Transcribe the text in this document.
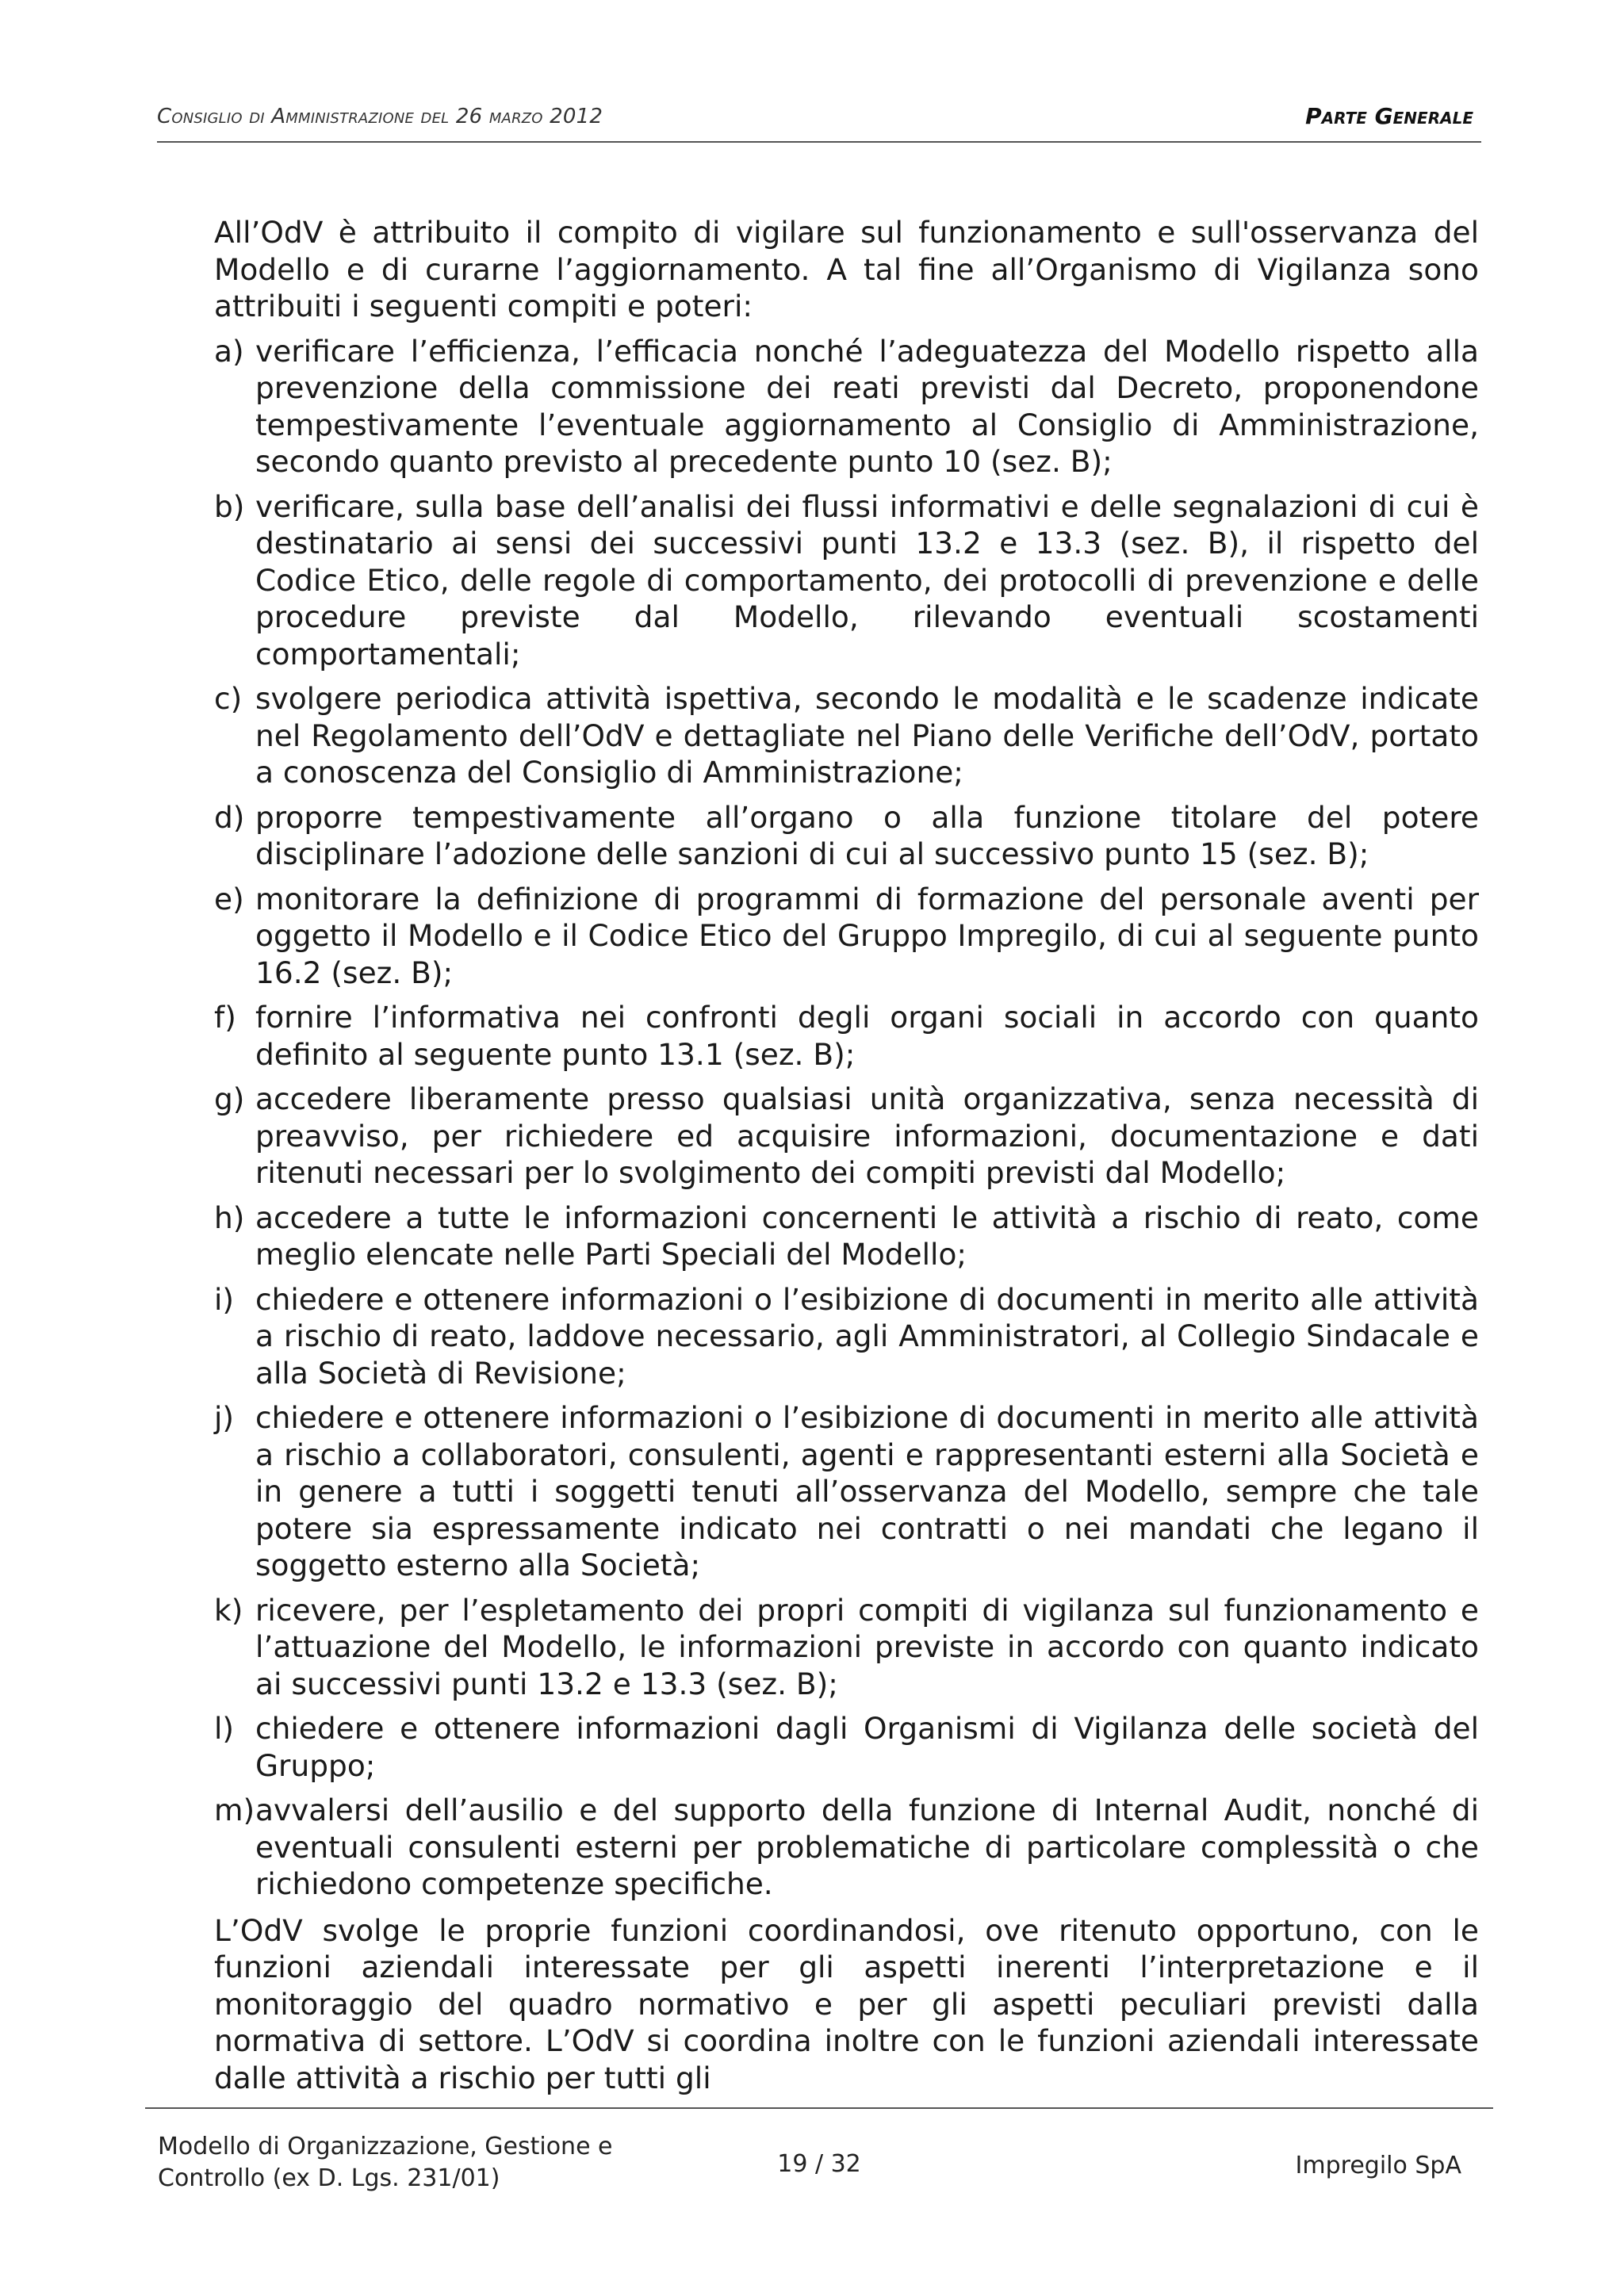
Consiglio di Amministrazione del 26 marzo 2012	Parte Generale

All’OdV è attribuito il compito di vigilare sul funzionamento e sull'osservanza del Modello e di curarne l’aggiornamento. A tal fine all’Organismo di Vigilanza sono attribuiti i seguenti compiti e poteri:

a) verificare l’efficienza, l’efficacia nonché l’adeguatezza del Modello rispetto alla prevenzione della commissione dei reati previsti dal Decreto, proponendone tempestivamente l’eventuale aggiornamento al Consiglio di Amministrazione, secondo quanto previsto al precedente punto 10 (sez. B);
b) verificare, sulla base dell’analisi dei flussi informativi e delle segnalazioni di cui è destinatario ai sensi dei successivi punti 13.2 e 13.3 (sez. B), il rispetto del Codice Etico, delle regole di comportamento, dei protocolli di prevenzione e delle procedure previste dal Modello, rilevando eventuali scostamenti comportamentali;
c) svolgere periodica attività ispettiva, secondo le modalità e le scadenze indicate nel Regolamento dell’OdV e dettagliate nel Piano delle Verifiche dell’OdV, portato a conoscenza del Consiglio di Amministrazione;
d) proporre tempestivamente all’organo o alla funzione titolare del potere disciplinare l’adozione delle sanzioni di cui al successivo punto 15 (sez. B);
e) monitorare la definizione di programmi di formazione del personale aventi per oggetto il Modello e il Codice Etico del Gruppo Impregilo, di cui al seguente punto 16.2 (sez. B);
f) fornire l’informativa nei confronti degli organi sociali in accordo con quanto definito al seguente punto 13.1 (sez. B);
g) accedere liberamente presso qualsiasi unità organizzativa, senza necessità di preavviso, per richiedere ed acquisire informazioni, documentazione e dati ritenuti necessari per lo svolgimento dei compiti previsti dal Modello;
h) accedere a tutte le informazioni concernenti le attività a rischio di reato, come meglio elencate nelle Parti Speciali del Modello;
i) chiedere e ottenere informazioni o l’esibizione di documenti in merito alle attività a rischio di reato, laddove necessario, agli Amministratori, al Collegio Sindacale e alla Società di Revisione;
j) chiedere e ottenere informazioni o l’esibizione di documenti in merito alle attività a rischio a collaboratori, consulenti, agenti e rappresentanti esterni alla Società e in genere a tutti i soggetti tenuti all’osservanza del Modello, sempre che tale potere sia espressamente indicato nei contratti o nei mandati che legano il soggetto esterno alla Società;
k) ricevere, per l’espletamento dei propri compiti di vigilanza sul funzionamento e l’attuazione del Modello, le informazioni previste in accordo con quanto indicato ai successivi punti 13.2 e 13.3 (sez. B);
l) chiedere e ottenere informazioni dagli Organismi di Vigilanza delle società del Gruppo;
m) avvalersi dell’ausilio e del supporto della funzione di Internal Audit, nonché di eventuali consulenti esterni per problematiche di particolare complessità o che richiedono competenze specifiche.

L’OdV svolge le proprie funzioni coordinandosi, ove ritenuto opportuno, con le funzioni aziendali interessate per gli aspetti inerenti l’interpretazione e il monitoraggio del quadro normativo e per gli aspetti peculiari previsti dalla normativa di settore. L’OdV si coordina inoltre con le funzioni aziendali interessate dalle attività a rischio per tutti gli

Modello di Organizzazione, Gestione e Controllo (ex D. Lgs. 231/01)
19 / 32	Impregilo SpA
